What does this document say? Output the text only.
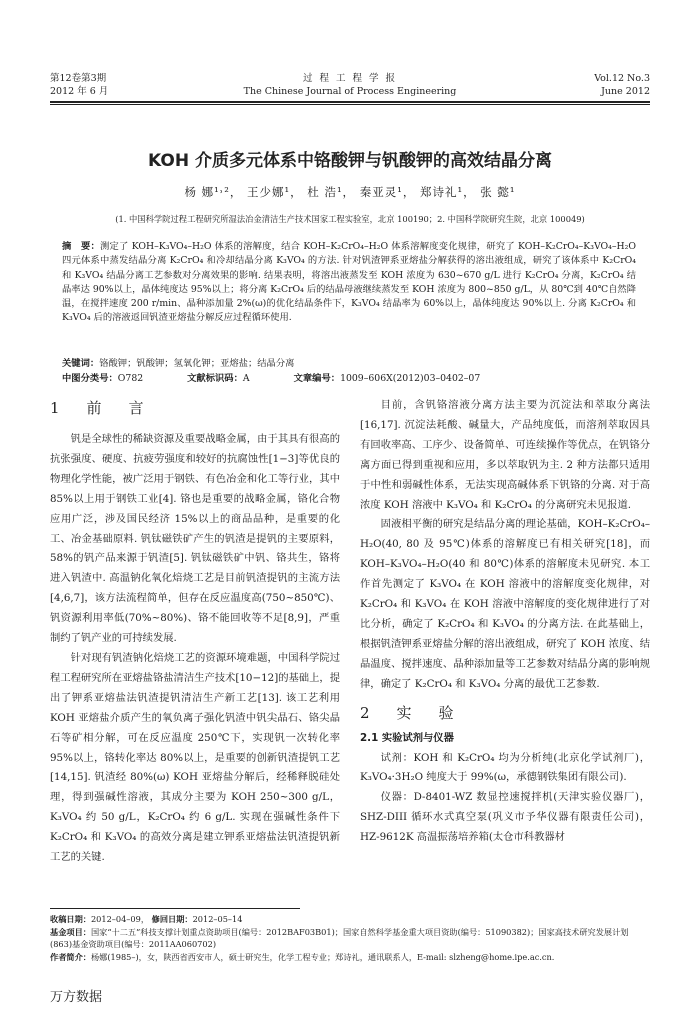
第12卷第3期
2012 年 6 月
过 程 工 程 学 报
The Chinese Journal of Process Engineering
Vol.12 No.3
June 2012
KOH 介质多元体系中铬酸钾与钒酸钾的高效结晶分离
杨 娜¹˒²， 王少娜¹， 杜 浩¹， 秦亚灵¹， 郑诗礼¹， 张 懿¹
(1. 中国科学院过程工程研究所湿法冶金清洁生产技术国家工程实验室，北京 100190；2. 中国科学院研究生院，北京 100049)
摘　要：测定了 KOH–K₃VO₄–H₂O 体系的溶解度，结合 KOH–K₂CrO₄–H₂O 体系溶解度变化规律，研究了 KOH–K₂CrO₄–K₃VO₄–H₂O 四元体系中蒸发结晶分离 K₂CrO₄ 和冷却结晶分离 K₃VO₄ 的方法. 针对钒渣钾系亚熔盐分解获得的溶出液组成，研究了该体系中 K₂CrO₄ 和 K₃VO₄ 结晶分离工艺参数对分离效果的影响. 结果表明，将溶出液蒸发至 KOH 浓度为 630~670 g/L 进行 K₂CrO₄ 分离，K₂CrO₄ 结晶率达 90%以上，晶体纯度达 95%以上；将分离 K₂CrO₄ 后的结晶母液继续蒸发至 KOH 浓度为 800~850 g/L，从 80℃到 40℃自然降温，在搅拌速度 200 r/min、晶种添加量 2%(ω)的优化结晶条件下，K₃VO₄ 结晶率为 60%以上，晶体纯度达 90%以上. 分离 K₂CrO₄ 和 K₃VO₄ 后的溶液返回钒渣亚熔盐分解反应过程循环使用.
关键词：铬酸钾；钒酸钾；氢氧化钾；亚熔盐；结晶分离
中图分类号：O782	文献标识码：A	文章编号：1009–606X(2012)03–0402–07
1　前　言

钒是全球性的稀缺资源及重要战略金属，由于其具有很高的抗张强度、硬度、抗疲劳强度和较好的抗腐蚀性[1−3]等优良的物理化学性能，被广泛用于钢铁、有色冶金和化工等行业，其中 85%以上用于钢铁工业[4]. 铬也是重要的战略金属，铬化合物应用广泛，涉及国民经济 15%以上的商品品种，是重要的化工、冶金基础原料. 钒钛磁铁矿产生的钒渣是提钒的主要原料，58%的钒产品来源于钒渣[5]. 钒钛磁铁矿中钒、铬共生，铬将进入钒渣中. 高温钠化氧化焙烧工艺是目前钒渣提钒的主流方法[4,6,7]，该方法流程简单，但存在反应温度高(750~850℃)、钒资源利用率低(70%~80%)、铬不能回收等不足[8,9]，严重制约了钒产业的可持续发展.

针对现有钒渣钠化焙烧工艺的资源环境难题，中国科学院过程工程研究所在亚熔盐铬盐清洁生产技术[10−12]的基础上，提出了钾系亚熔盐法钒渣提钒清洁生产新工艺[13]. 该工艺利用 KOH 亚熔盐介质产生的氧负离子强化钒渣中钒尖晶石、铬尖晶石等矿相分解，可在反应温度 250℃下，实现钒一次转化率 95%以上，铬转化率达 80%以上，是重要的创新钒渣提钒工艺[14,15]. 钒渣经 80%(ω) KOH 亚熔盐分解后，经稀释脱硅处理，得到强碱性溶液，其成分主要为 KOH 250~300 g/L，K₃VO₄ 约 50 g/L，K₂CrO₄ 约 6 g/L. 实现在强碱性条件下 K₂CrO₄ 和 K₃VO₄ 的高效分离是建立钾系亚熔盐法钒渣提钒新工艺的关键.

目前，含钒铬溶液分离方法主要为沉淀法和萃取分离法[16,17]. 沉淀法耗酸、碱量大，产品纯度低，而溶剂萃取因具有回收率高、工序少、设备简单、可连续操作等优点，在钒铬分离方面已得到重视和应用，多以萃取钒为主. 2 种方法都只适用于中性和弱碱性体系，无法实现高碱体系下钒铬的分离. 对于高浓度 KOH 溶液中 K₃VO₄ 和 K₂CrO₄ 的分离研究未见报道.

固液相平衡的研究是结晶分离的理论基础，KOH–K₂CrO₄–H₂O(40, 80 及 95℃)体系的溶解度已有相关研究[18]，而 KOH–K₃VO₄–H₂O(40 和 80℃)体系的溶解度未见研究. 本工作首先测定了 K₃VO₄ 在 KOH 溶液中的溶解度变化规律，对 K₂CrO₄ 和 K₃VO₄ 在 KOH 溶液中溶解度的变化规律进行了对比分析，确定了 K₂CrO₄ 和 K₃VO₄ 的分离方法. 在此基础上，根据钒渣钾系亚熔盐分解的溶出液组成，研究了 KOH 浓度、结晶温度、搅拌速度、晶种添加量等工艺参数对结晶分离的影响规律，确定了 K₂CrO₄ 和 K₃VO₄ 分离的最优工艺参数.

2　实　验
2.1 实验试剂与仪器

试剂：KOH 和 K₂CrO₄ 均为分析纯(北京化学试剂厂)，K₃VO₄·3H₂O 纯度大于 99%(ω，承德钢铁集团有限公司).

仪器：D-8401-WZ 数显控速搅拌机(天津实验仪器厂)，SHZ-DIII 循环水式真空泵(巩义市予华仪器有限责任公司)，HZ-9612K 高温振荡培养箱(太仓市科教器材

收稿日期：2012–04–09， 修回日期：2012–05–14
基金项目：国家“十二五”科技支撑计划重点资助项目(编号：2012BAF03B01)；国家自然科学基金重大项目资助(编号：51090382)；国家高技术研究发展计划(863)基金资助项目(编号：2011AA060702)
作者简介：杨娜(1985–)，女，陕西省西安市人，硕士研究生，化学工程专业；郑诗礼，通讯联系人，E-mail: slzheng@home.ipe.ac.cn.
万方数据
